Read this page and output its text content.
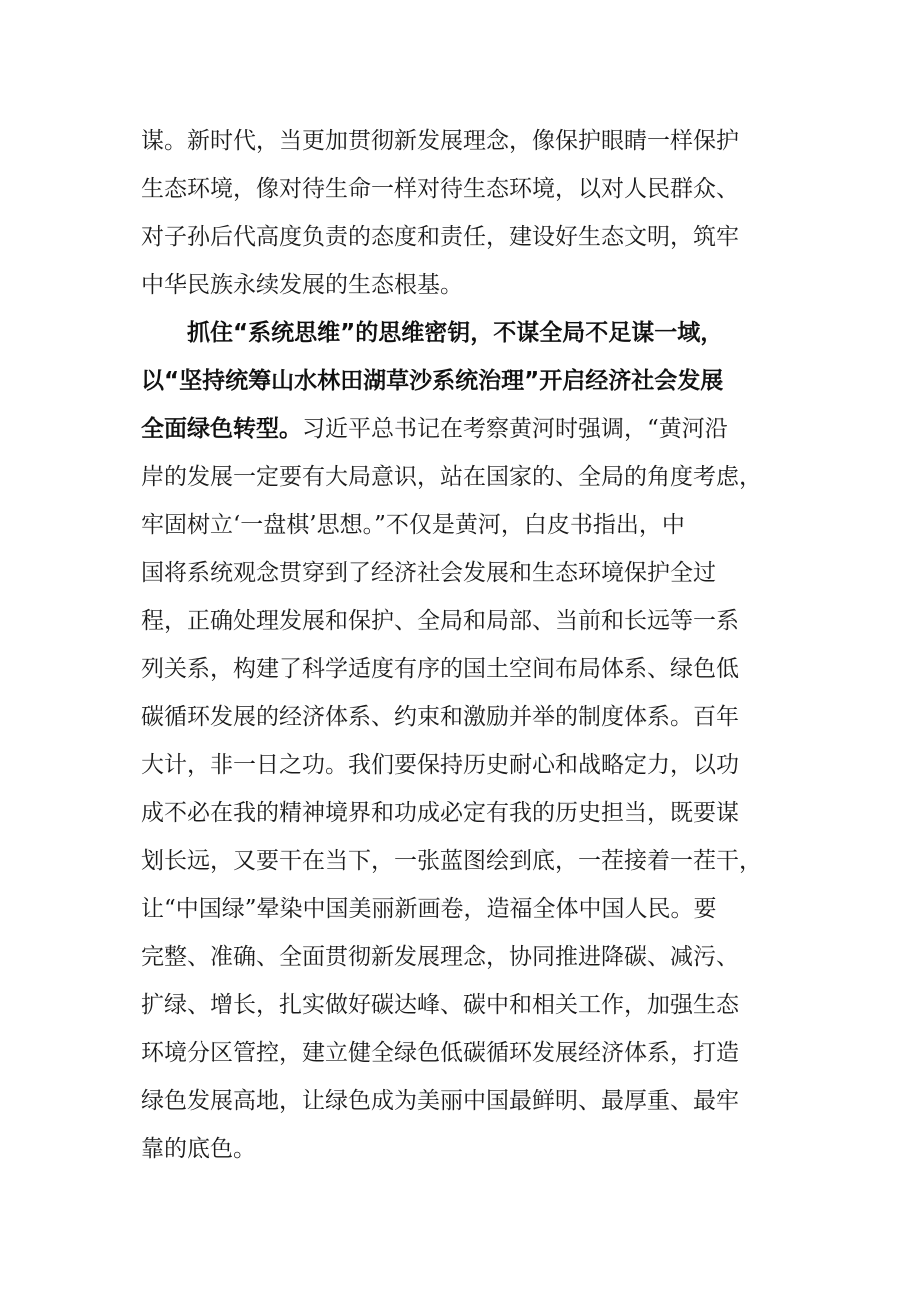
谋。新时代，当更加贯彻新发展理念，像保护眼睛一样保护
生态环境，像对待生命一样对待生态环境，以对人民群众、
对子孙后代高度负责的态度和责任，建设好生态文明，筑牢
中华民族永续发展的生态根基。
抓住“系统思维”的思维密钥，不谋全局不足谋一域，
以“坚持统筹山水林田湖草沙系统治理”开启经济社会发展
全面绿色转型。习近平总书记在考察黄河时强调，“黄河沿
岸的发展一定要有大局意识，站在国家的、全局的角度考虑，
牢固树立‘一盘棋’思想。”不仅是黄河，白皮书指出，中
国将系统观念贯穿到了经济社会发展和生态环境保护全过
程，正确处理发展和保护、全局和局部、当前和长远等一系
列关系，构建了科学适度有序的国土空间布局体系、绿色低
碳循环发展的经济体系、约束和激励并举的制度体系。百年
大计，非一日之功。我们要保持历史耐心和战略定力，以功
成不必在我的精神境界和功成必定有我的历史担当，既要谋
划长远，又要干在当下，一张蓝图绘到底，一茬接着一茬干，
让“中国绿”晕染中国美丽新画卷，造福全体中国人民。要
完整、准确、全面贯彻新发展理念，协同推进降碳、减污、
扩绿、增长，扎实做好碳达峰、碳中和相关工作，加强生态
环境分区管控，建立健全绿色低碳循环发展经济体系，打造
绿色发展高地，让绿色成为美丽中国最鲜明、最厚重、最牢
靠的底色。
